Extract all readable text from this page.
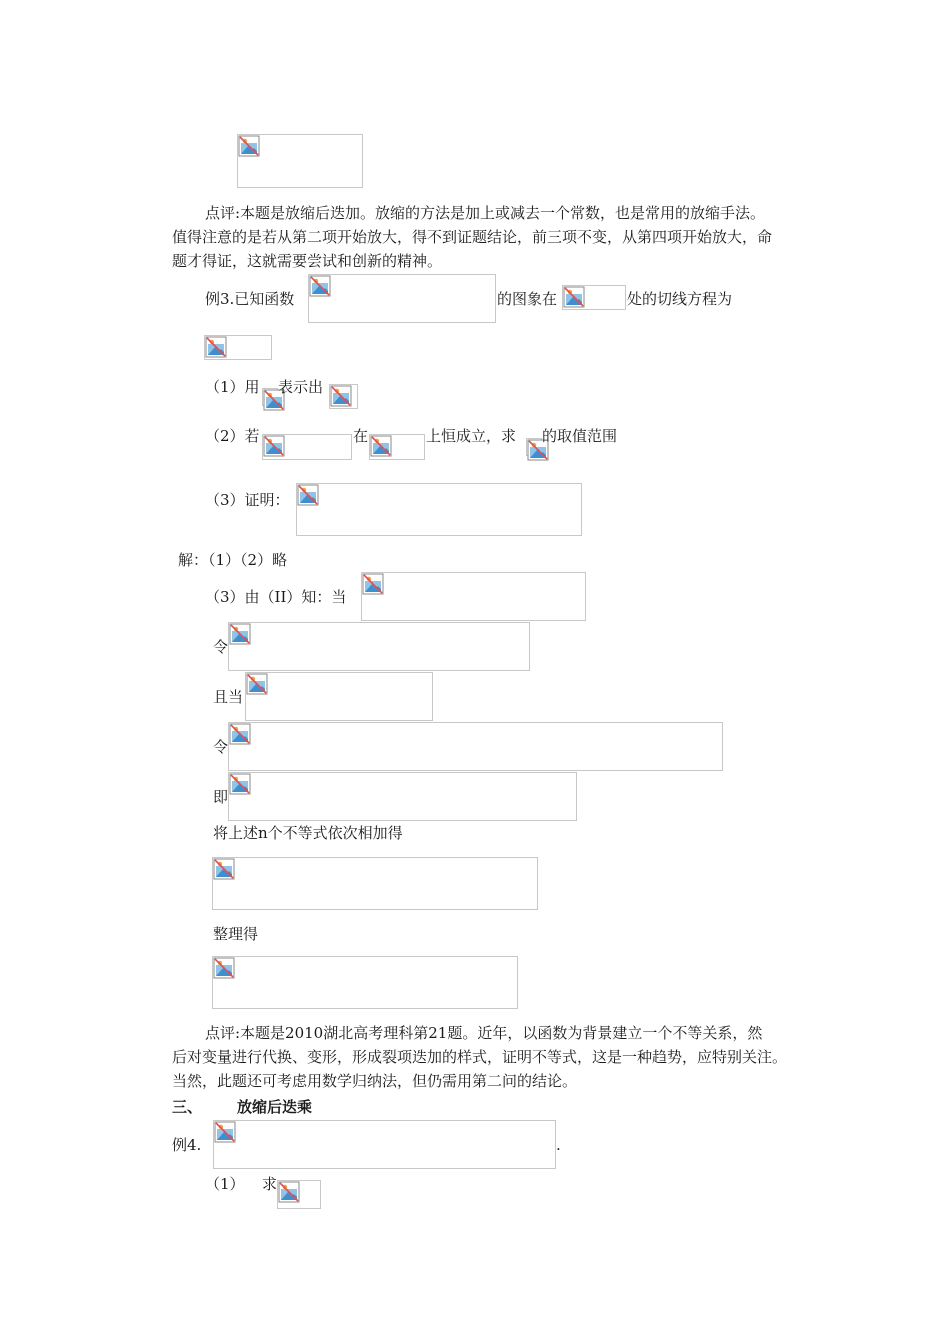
点评:本题是放缩后迭加。放缩的方法是加上或减去一个常数，也是常用的放缩手法。
值得注意的是若从第二项开始放大，得不到证题结论，前三项不变，从第四项开始放大，命
题才得证，这就需要尝试和创新的精神。
例3.已知函数	的图象在	处的切线方程为
（1）用 表示出
（2）若	在	上恒成立，求 的取值范围
（3）证明：
解：（1）（2）略
（3）由（II）知：当
令
且当
令
即
将上述n个不等式依次相加得
整理得
点评:本题是2010湖北高考理科第21题。近年，以函数为背景建立一个不等关系，然
后对变量进行代换、变形，形成裂项迭加的样式，证明不等式，这是一种趋势，应特别关注。
当然，此题还可考虑用数学归纳法，但仍需用第二问的结论。
三、 放缩后迭乘
例4.	.
（1） 求
